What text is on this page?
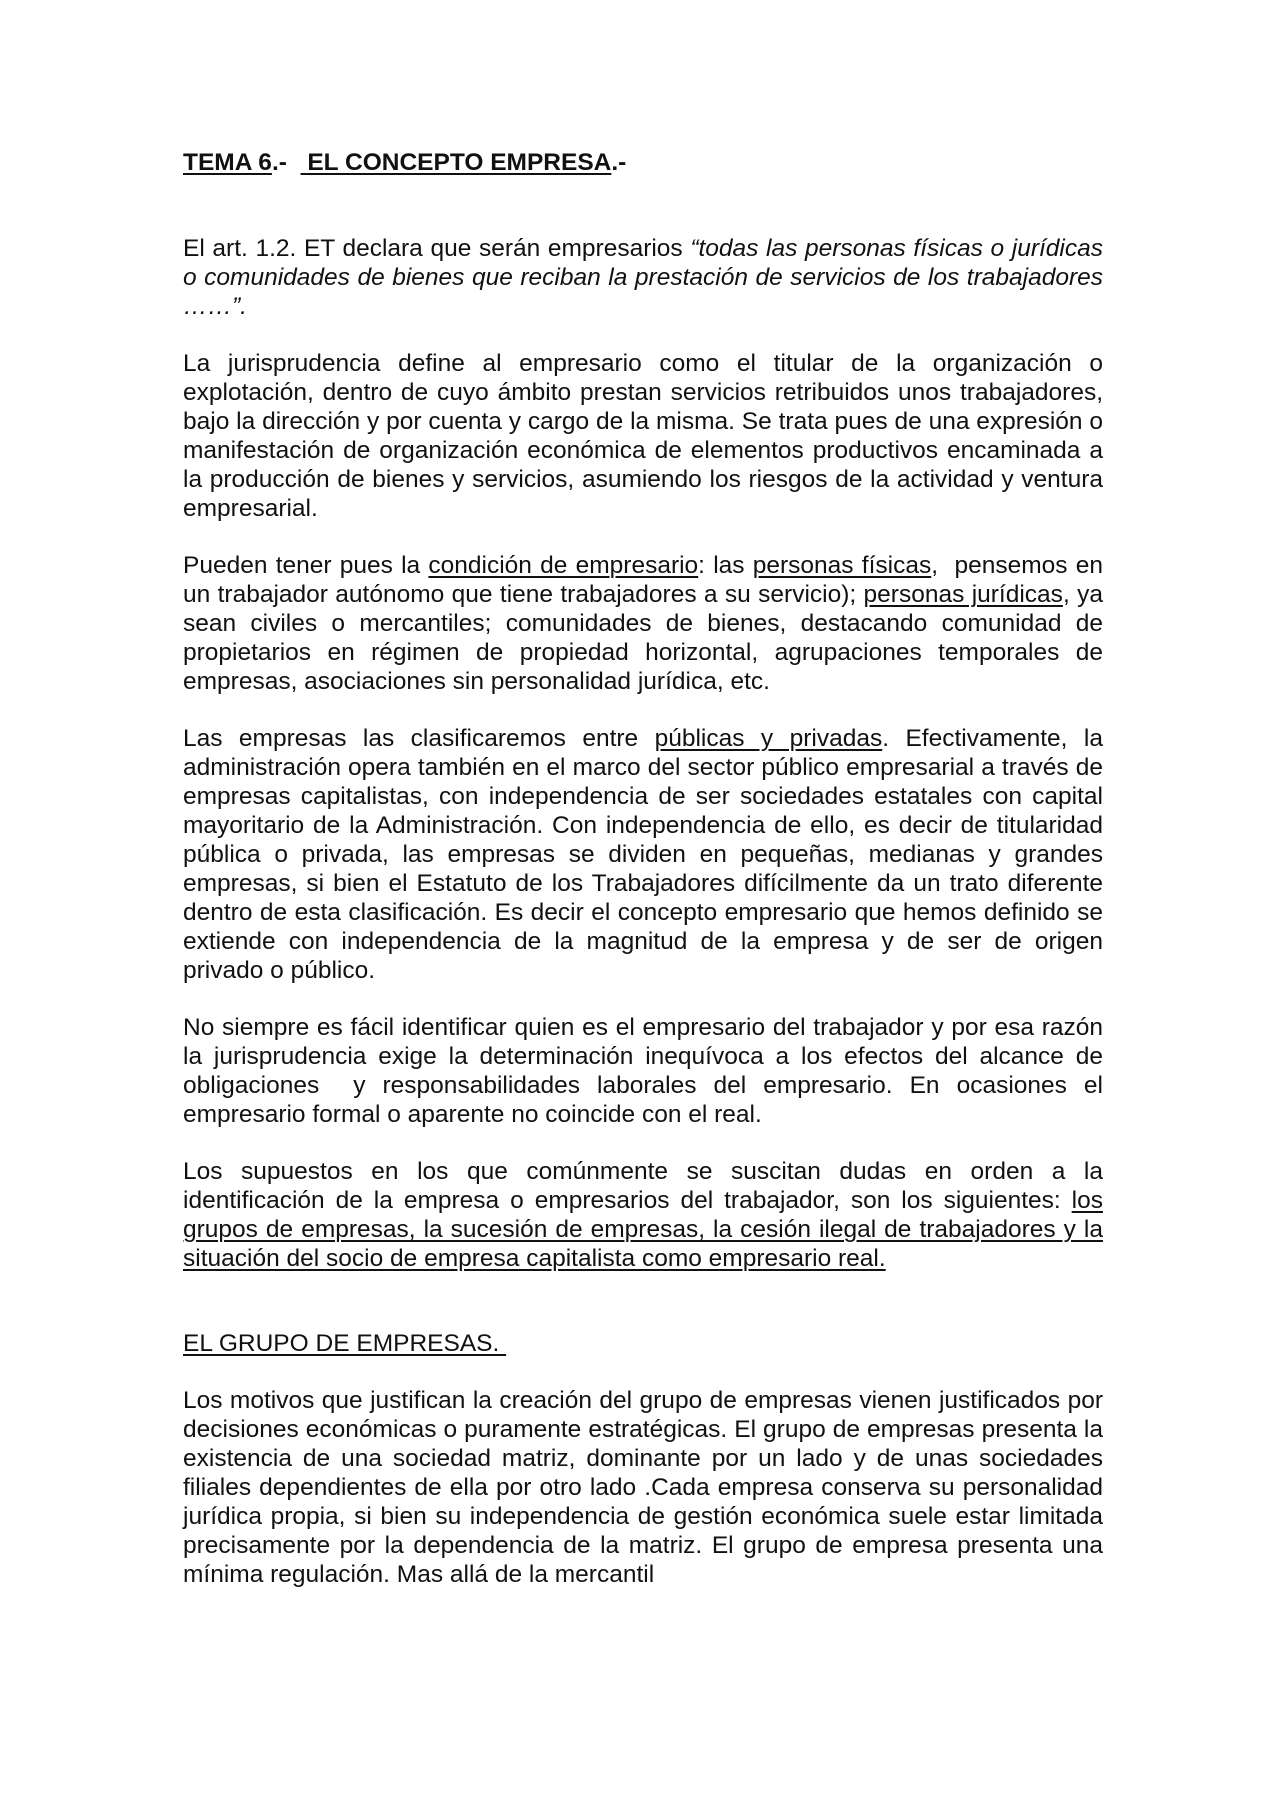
TEMA 6.-   EL CONCEPTO EMPRESA.-

El art. 1.2. ET declara que serán empresarios “todas las personas físicas o jurídicas o comunidades de bienes que reciban la prestación de servicios de los trabajadores ……”.

La jurisprudencia define al empresario como el titular de la organización o explotación, dentro de cuyo ámbito prestan servicios retribuidos unos trabajadores, bajo la dirección y por cuenta y cargo de la misma. Se trata pues de una expresión o manifestación de organización económica de elementos productivos encaminada a la producción de bienes y servicios, asumiendo los riesgos de la actividad y ventura empresarial.

Pueden tener pues la condición de empresario: las personas físicas,  pensemos en un trabajador autónomo que tiene trabajadores a su servicio); personas jurídicas, ya sean civiles o mercantiles; comunidades de bienes, destacando comunidad de propietarios en régimen de propiedad horizontal, agrupaciones temporales de empresas, asociaciones sin personalidad jurídica, etc.

Las empresas las clasificaremos entre públicas y privadas. Efectivamente, la administración opera también en el marco del sector público empresarial a través de empresas capitalistas, con independencia de ser sociedades estatales con capital mayoritario de la Administración. Con independencia de ello, es decir de titularidad pública o privada, las empresas se dividen en pequeñas, medianas y grandes empresas, si bien el Estatuto de los Trabajadores difícilmente da un trato diferente dentro de esta clasificación. Es decir el concepto empresario que hemos definido se extiende con independencia de la magnitud de la empresa y de ser de origen privado o público.

No siempre es fácil identificar quien es el empresario del trabajador y por esa razón la jurisprudencia exige la determinación inequívoca a los efectos del alcance de obligaciones  y responsabilidades laborales del empresario. En ocasiones el empresario formal o aparente no coincide con el real.

Los supuestos en los que comúnmente se suscitan dudas en orden a la identificación de la empresa o empresarios del trabajador, son los siguientes: los grupos de empresas, la sucesión de empresas, la cesión ilegal de trabajadores y la situación del socio de empresa capitalista como empresario real.

EL GRUPO DE EMPRESAS.

Los motivos que justifican la creación del grupo de empresas vienen justificados por decisiones económicas o puramente estratégicas. El grupo de empresas presenta la existencia de una sociedad matriz, dominante por un lado y de unas sociedades filiales dependientes de ella por otro lado .Cada empresa conserva su personalidad jurídica propia, si bien su independencia de gestión económica suele estar limitada precisamente por la dependencia de la matriz. El grupo de empresa presenta una mínima regulación. Mas allá de la mercantil
